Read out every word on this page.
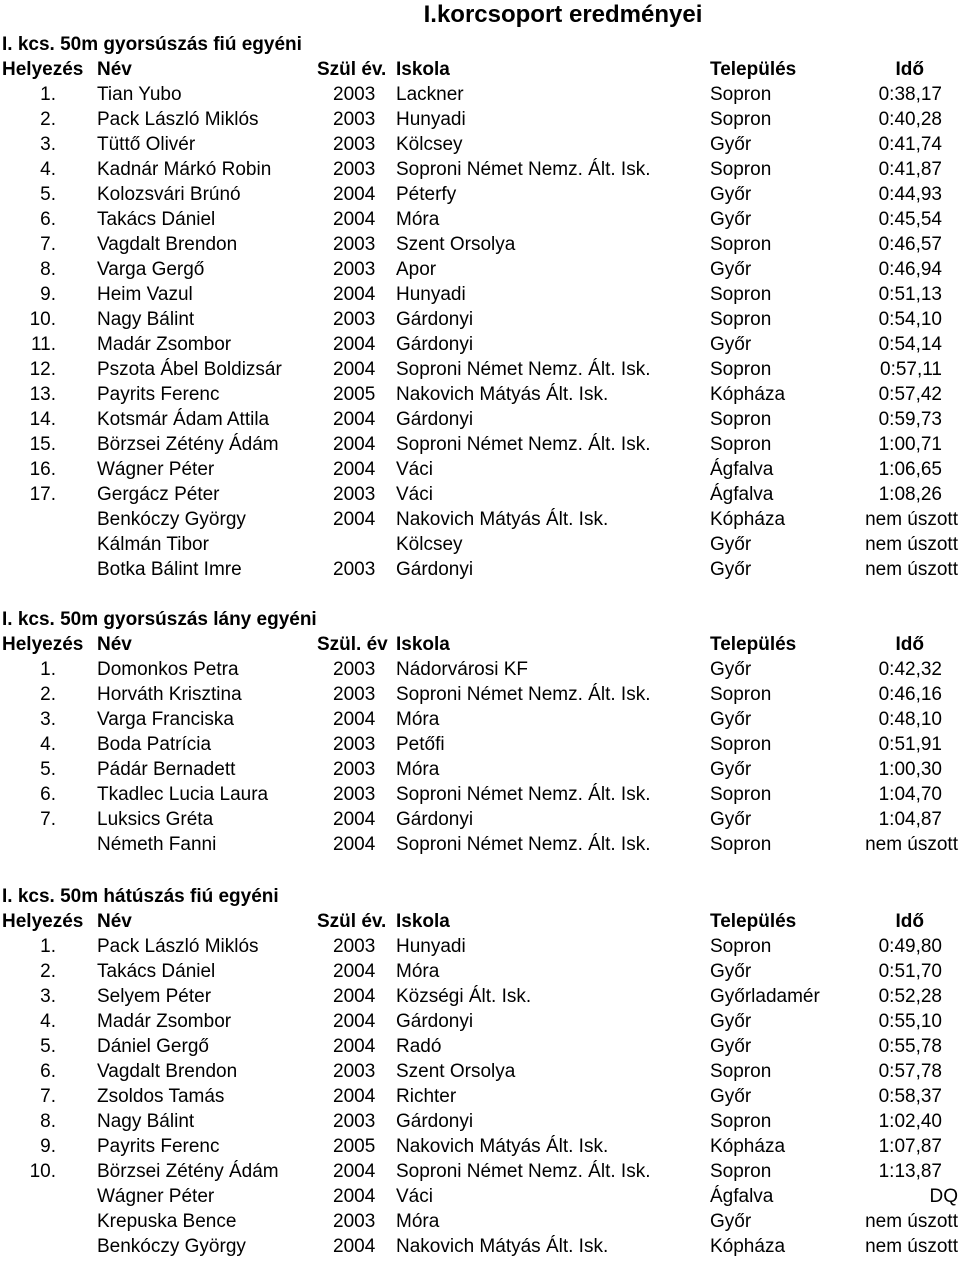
I.korcsoport eredményei
I. kcs. 50m gyorsúszás fiú egyéni
Helyezés Név	Szül év. Iskola	Település	Idő
1. Tian Yubo	2003 Lackner	Sopron	0:38,17
2. Pack László Miklós	2003 Hunyadi	Sopron	0:40,28
3. Tüttő Olivér	2003 Kölcsey	Győr	0:41,74
4. Kadnár Márkó Robin	2003 Soproni Német Nemz. Ált. Isk.	Sopron	0:41,87
5. Kolozsvári Brúnó	2004 Péterfy	Győr	0:44,93
6. Takács Dániel	2004 Móra	Győr	0:45,54
7. Vagdalt Brendon	2003 Szent Orsolya	Sopron	0:46,57
8. Varga Gergő	2003 Apor	Győr	0:46,94
9. Heim Vazul	2004 Hunyadi	Sopron	0:51,13
10. Nagy Bálint	2003 Gárdonyi	Sopron	0:54,10
11. Madár Zsombor	2004 Gárdonyi	Győr	0:54,14
12. Pszota Ábel Boldizsár	2004 Soproni Német Nemz. Ált. Isk.	Sopron	0:57,11
13. Payrits Ferenc	2005 Nakovich Mátyás Ált. Isk.	Kópháza	0:57,42
14. Kotsmár Ádam Attila	2004 Gárdonyi	Sopron	0:59,73
15. Börzsei Zétény Ádám	2004 Soproni Német Nemz. Ált. Isk.	Sopron	1:00,71
16. Wágner Péter	2004 Váci	Ágfalva	1:06,65
17. Gergácz Péter	2003 Váci	Ágfalva	1:08,26
Benkóczy György	2004 Nakovich Mátyás Ált. Isk.	Kópháza	nem úszott
Kálmán Tibor	Kölcsey	Győr	nem úszott
Botka Bálint Imre	2003 Gárdonyi	Győr	nem úszott
I. kcs. 50m gyorsúszás lány egyéni
Helyezés Név	Szül. év Iskola	Település	Idő
1. Domonkos Petra	2003 Nádorvárosi KF	Győr	0:42,32
2. Horváth Krisztina	2003 Soproni Német Nemz. Ált. Isk.	Sopron	0:46,16
3. Varga Franciska	2004 Móra	Győr	0:48,10
4. Boda Patrícia	2003 Petőfi	Sopron	0:51,91
5. Pádár Bernadett	2003 Móra	Győr	1:00,30
6. Tkadlec Lucia Laura	2003 Soproni Német Nemz. Ált. Isk.	Sopron	1:04,70
7. Luksics Gréta	2004 Gárdonyi	Győr	1:04,87
Németh Fanni	2004 Soproni Német Nemz. Ált. Isk.	Sopron	nem úszott
I. kcs. 50m hátúszás fiú egyéni
Helyezés Név	Szül év. Iskola	Település	Idő
1. Pack László Miklós	2003 Hunyadi	Sopron	0:49,80
2. Takács Dániel	2004 Móra	Győr	0:51,70
3. Selyem Péter	2004 Községi Ált. Isk.	Győrladamér	0:52,28
4. Madár Zsombor	2004 Gárdonyi	Győr	0:55,10
5. Dániel Gergő	2004 Radó	Győr	0:55,78
6. Vagdalt Brendon	2003 Szent Orsolya	Sopron	0:57,78
7. Zsoldos Tamás	2004 Richter	Győr	0:58,37
8. Nagy Bálint	2003 Gárdonyi	Sopron	1:02,40
9. Payrits Ferenc	2005 Nakovich Mátyás Ált. Isk.	Kópháza	1:07,87
10. Börzsei Zétény Ádám	2004 Soproni Német Nemz. Ált. Isk.	Sopron	1:13,87
Wágner Péter	2004 Váci	Ágfalva	DQ
Krepuska Bence	2003 Móra	Győr	nem úszott
Benkóczy György	2004 Nakovich Mátyás Ált. Isk.	Kópháza	nem úszott
